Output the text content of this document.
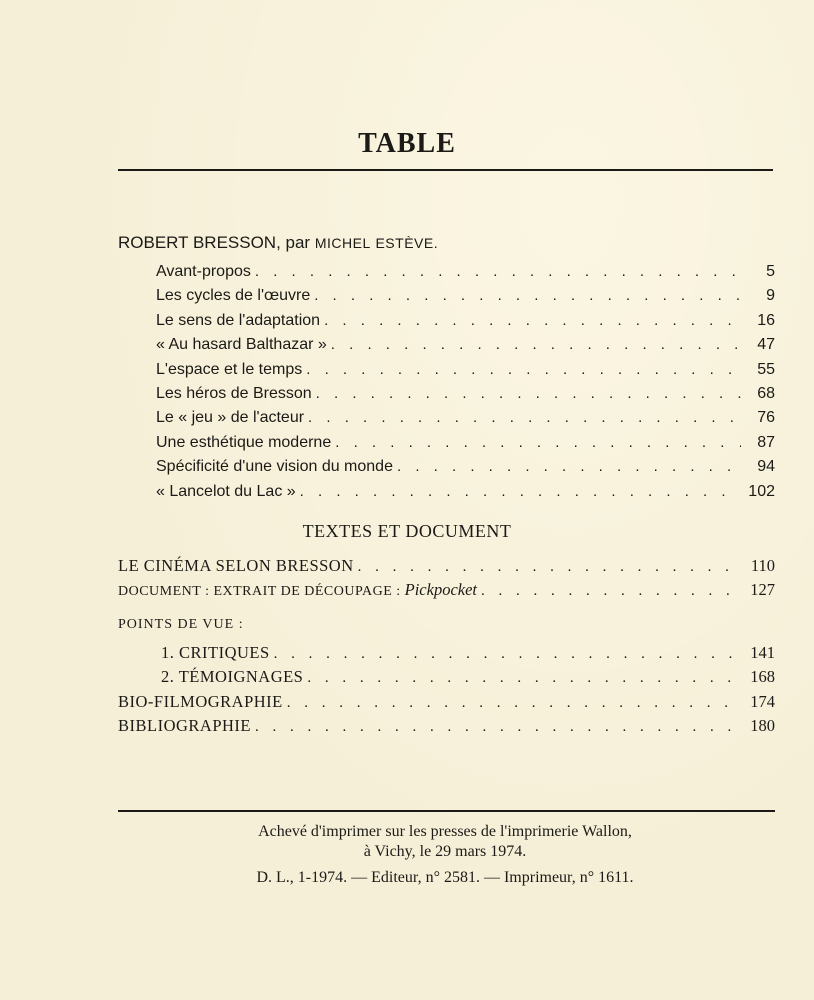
TABLE
ROBERT BRESSON, par MICHEL ESTÈVE.
Avant-propos . . .	5
Les cycles de l'œuvre . . .	9
Le sens de l'adaptation . . .	16
« Au hasard Balthazar » . . .	47
L'espace et le temps . . .	55
Les héros de Bresson . . .	68
Le « jeu » de l'acteur . . .	76
Une esthétique moderne . . .	87
Spécificité d'une vision du monde . . .	94
« Lancelot du Lac » . . .	102
TEXTES ET DOCUMENT
LE CINÉMA SELON BRESSON . . .	110
DOCUMENT : EXTRAIT DE DÉCOUPAGE : Pickpocket . . .	127
POINTS DE VUE :
1. CRITIQUES . . .	141
2. TÉMOIGNAGES . . .	168
BIO-FILMOGRAPHIE . . .	174
BIBLIOGRAPHIE . . .	180
Achevé d'imprimer sur les presses de l'imprimerie Wallon,
à Vichy, le 29 mars 1974.
D. L., 1-1974. — Editeur, n° 2581. — Imprimeur, n° 1611.
